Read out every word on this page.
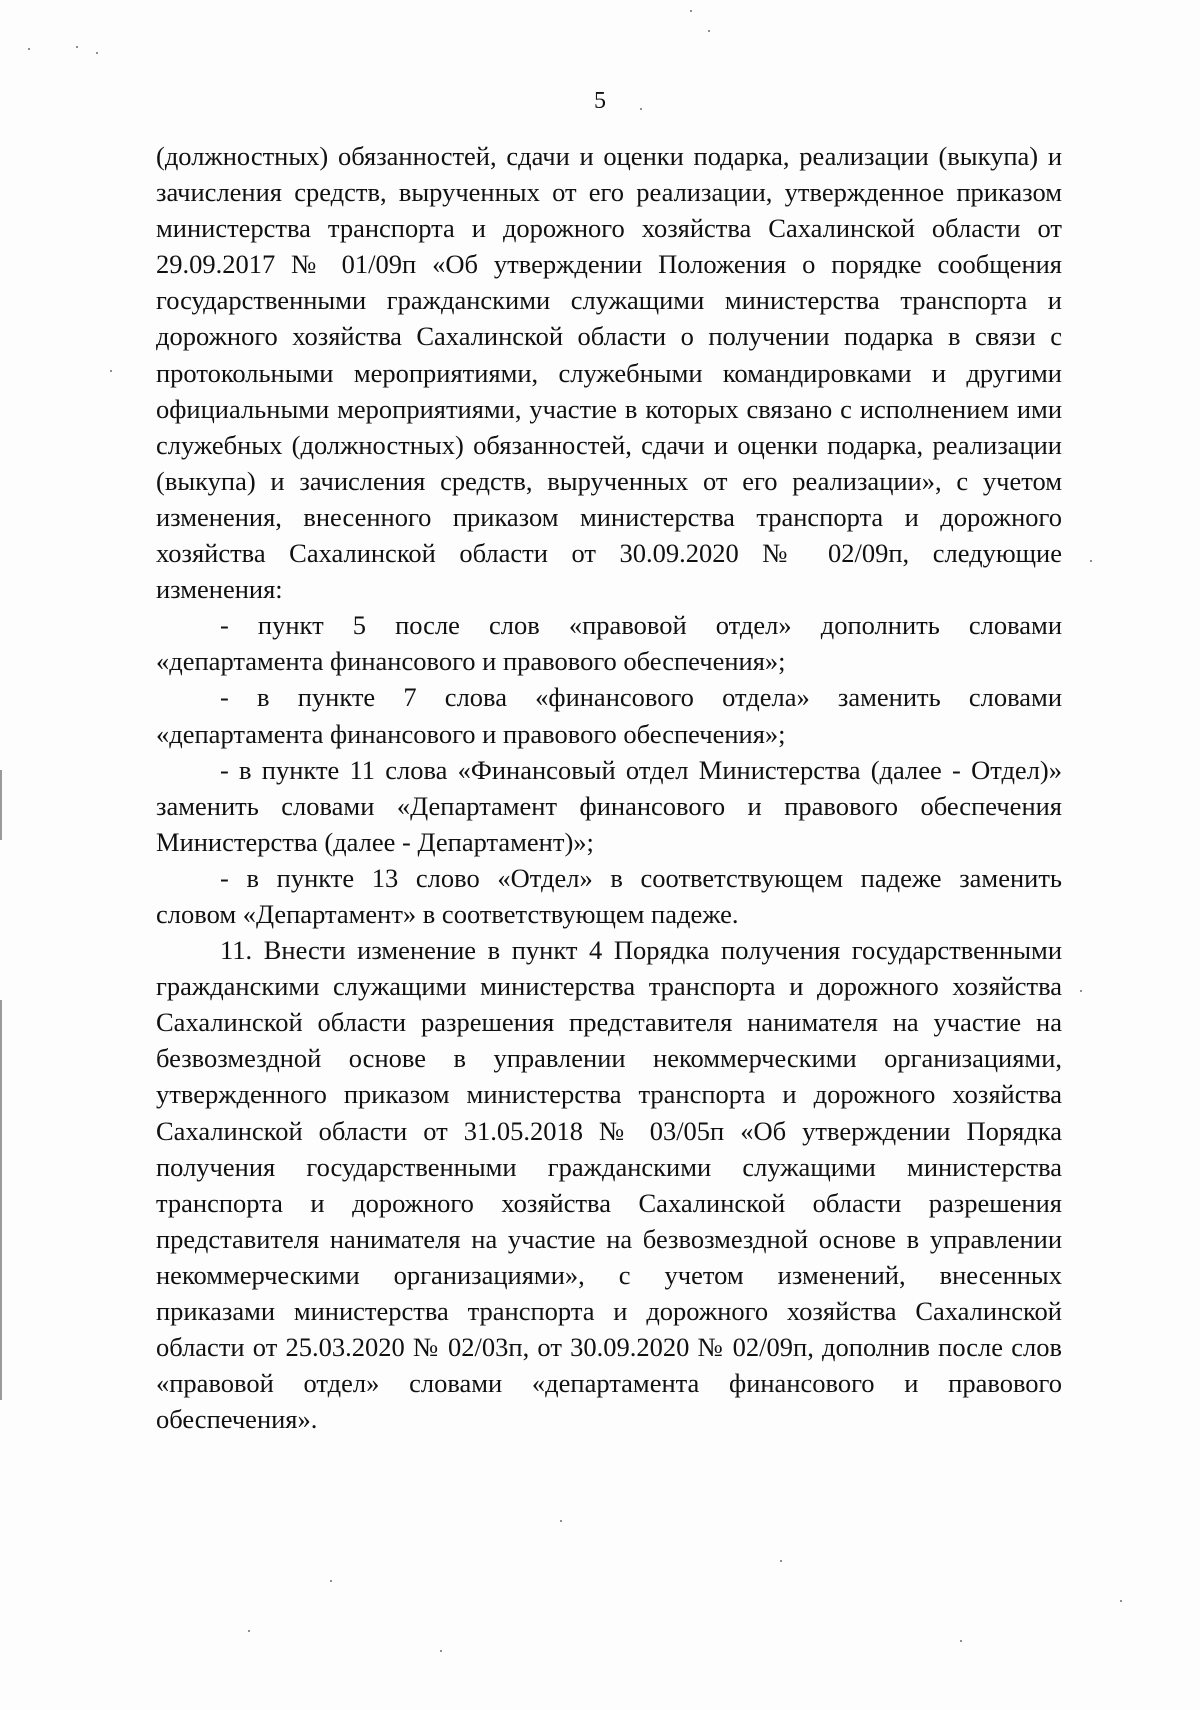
5
(должностных) обязанностей, сдачи и оценки подарка, реализации (выкупа) и
зачисления средств, вырученных от его реализации, утвержденное приказом
министерства транспорта и дорожного хозяйства Сахалинской области от
29.09.2017 № 01/09п «Об утверждении Положения о порядке сообщения
государственными гражданскими служащими министерства транспорта и
дорожного хозяйства Сахалинской области о получении подарка в связи с
протокольными мероприятиями, служебными командировками и другими
официальными мероприятиями, участие в которых связано с исполнением ими
служебных (должностных) обязанностей, сдачи и оценки подарка, реализации
(выкупа) и зачисления средств, вырученных от его реализации», с учетом
изменения, внесенного приказом министерства транспорта и дорожного
хозяйства Сахалинской области от 30.09.2020 № 02/09п, следующие
изменения:
- пункт 5 после слов «правовой отдел» дополнить словами
«департамента финансового и правового обеспечения»;
- в пункте 7 слова «финансового отдела» заменить словами
«департамента финансового и правового обеспечения»;
- в пункте 11 слова «Финансовый отдел Министерства (далее - Отдел)»
заменить словами «Департамент финансового и правового обеспечения
Министерства (далее - Департамент)»;
- в пункте 13 слово «Отдел» в соответствующем падеже заменить
словом «Департамент» в соответствующем падеже.
11. Внести изменение в пункт 4 Порядка получения государственными
гражданскими служащими министерства транспорта и дорожного хозяйства
Сахалинской области разрешения представителя нанимателя на участие на
безвозмездной основе в управлении некоммерческими организациями,
утвержденного приказом министерства транспорта и дорожного хозяйства
Сахалинской области от 31.05.2018 № 03/05п «Об утверждении Порядка
получения государственными гражданскими служащими министерства
транспорта и дорожного хозяйства Сахалинской области разрешения
представителя нанимателя на участие на безвозмездной основе в управлении
некоммерческими организациями», с учетом изменений, внесенных
приказами министерства транспорта и дорожного хозяйства Сахалинской
области от 25.03.2020 № 02/03п, от 30.09.2020 № 02/09п, дополнив после слов
«правовой отдел» словами «департамента финансового и правового
обеспечения».
